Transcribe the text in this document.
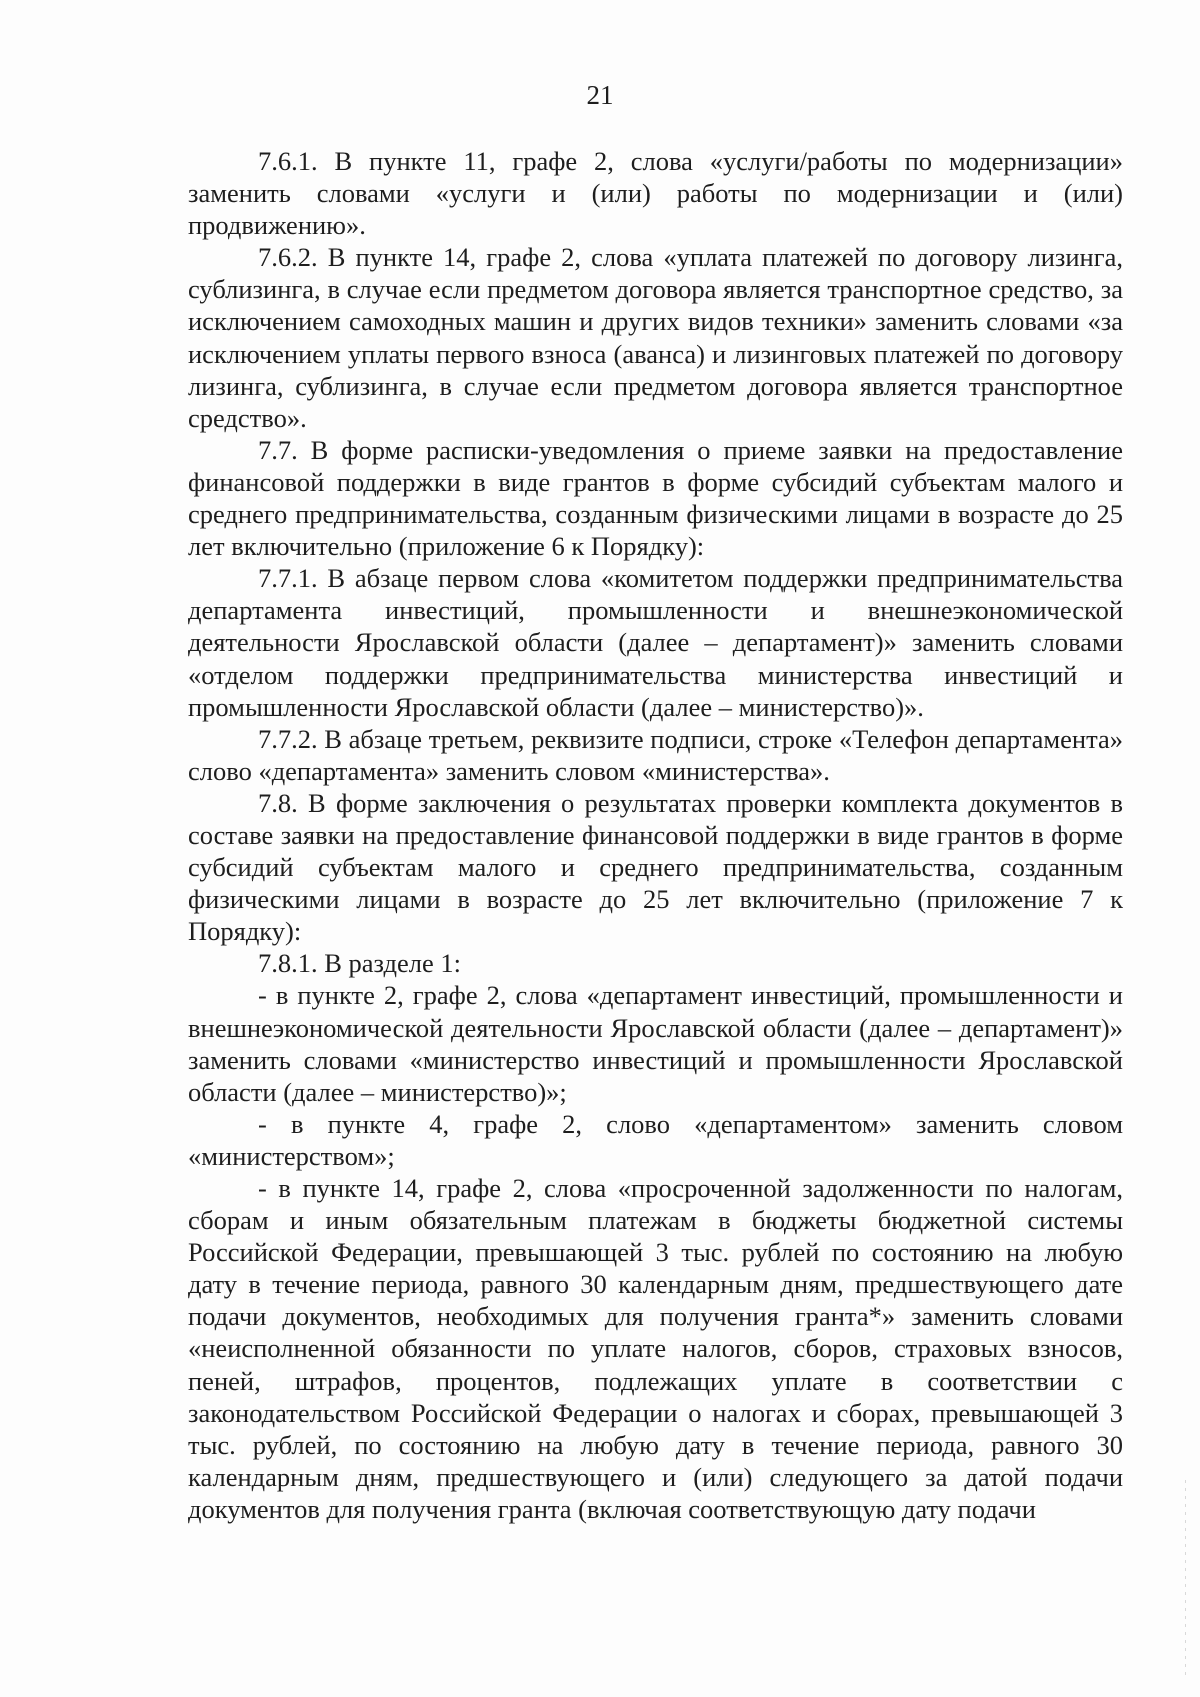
21

7.6.1. В пункте 11, графе 2, слова «услуги/работы по модернизации» заменить словами «услуги и (или) работы по модернизации и (или) продвижению».

7.6.2. В пункте 14, графе 2, слова «уплата платежей по договору лизинга, сублизинга, в случае если предметом договора является транспортное средство, за исключением самоходных машин и других видов техники» заменить словами «за исключением уплаты первого взноса (аванса) и лизинговых платежей по договору лизинга, сублизинга, в случае если предметом договора является транспортное средство».

7.7. В форме расписки-уведомления о приеме заявки на предоставление финансовой поддержки в виде грантов в форме субсидий субъектам малого и среднего предпринимательства, созданным физическими лицами в возрасте до 25 лет включительно (приложение 6 к Порядку):

7.7.1. В абзаце первом слова «комитетом поддержки предпринимательства департамента инвестиций, промышленности и внешнеэкономической деятельности Ярославской области (далее – департамент)» заменить словами «отделом поддержки предпринимательства министерства инвестиций и промышленности Ярославской области (далее – министерство)».

7.7.2. В абзаце третьем, реквизите подписи, строке «Телефон департамента» слово «департамента» заменить словом «министерства».

7.8. В форме заключения о результатах проверки комплекта документов в составе заявки на предоставление финансовой поддержки в виде грантов в форме субсидий субъектам малого и среднего предпринимательства, созданным физическими лицами в возрасте до 25 лет включительно (приложение 7 к Порядку):

7.8.1. В разделе 1:

- в пункте 2, графе 2, слова «департамент инвестиций, промышленности и внешнеэкономической деятельности Ярославской области (далее – департамент)» заменить словами «министерство инвестиций и промышленности Ярославской области (далее – министерство)»;

- в пункте 4, графе 2, слово «департаментом» заменить словом «министерством»;

- в пункте 14, графе 2, слова «просроченной задолженности по налогам, сборам и иным обязательным платежам в бюджеты бюджетной системы Российской Федерации, превышающей 3 тыс. рублей по состоянию на любую дату в течение периода, равного 30 календарным дням, предшествующего дате подачи документов, необходимых для получения гранта*» заменить словами «неисполненной обязанности по уплате налогов, сборов, страховых взносов, пеней, штрафов, процентов, подлежащих уплате в соответствии с законодательством Российской Федерации о налогах и сборах, превышающей 3 тыс. рублей, по состоянию на любую дату в течение периода, равного 30 календарным дням, предшествующего и (или) следующего за датой подачи документов для получения гранта (включая соответствующую дату подачи
